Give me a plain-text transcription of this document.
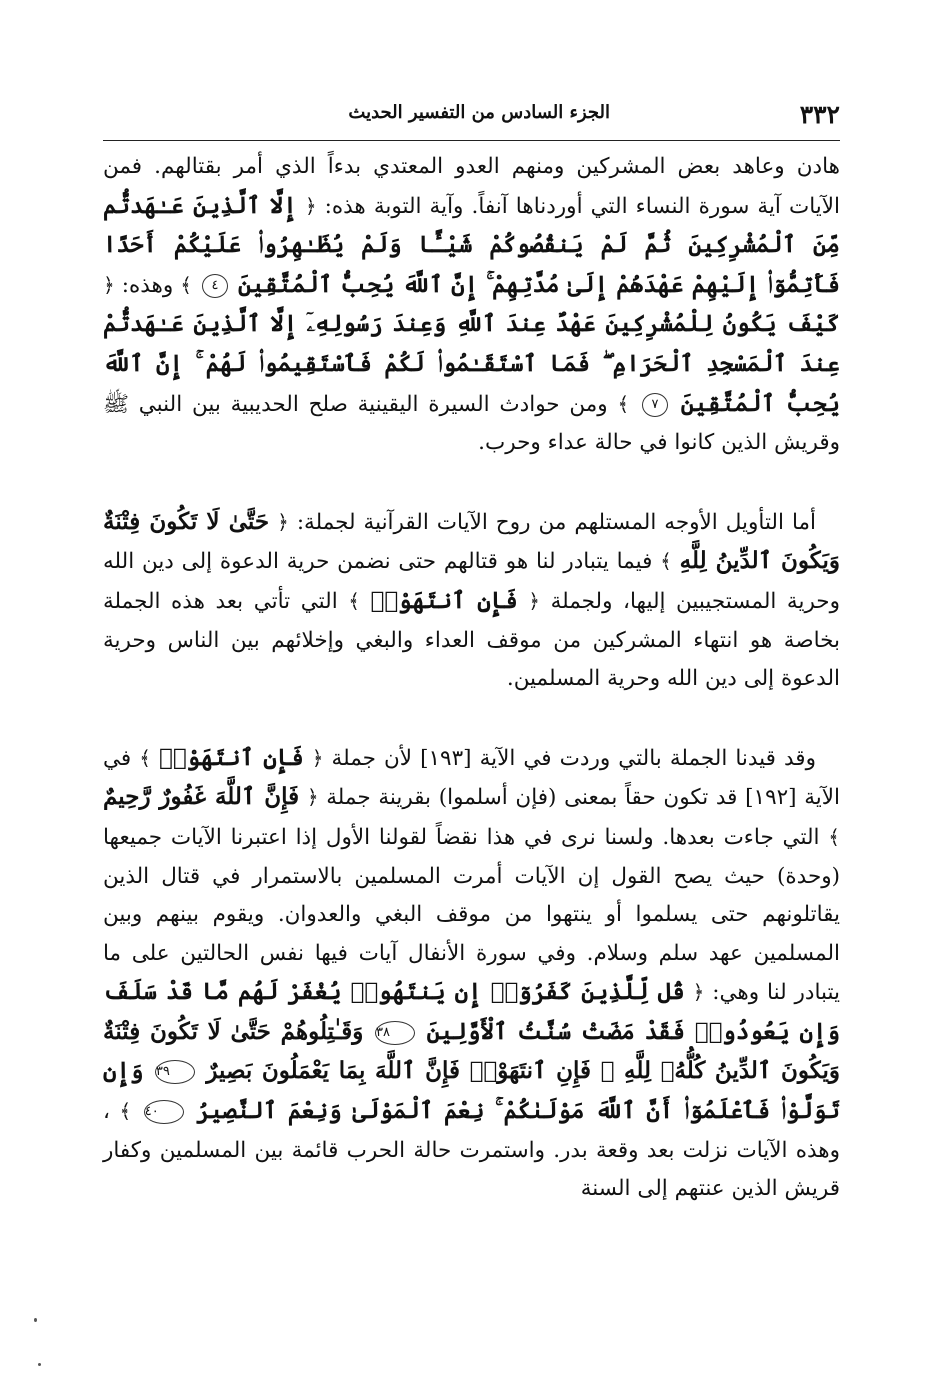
٣٣٢
الجزء السادس من التفسير الحديث

هادن وعاهد بعض المشركين ومنهم العدو المعتدي بدءاً الذي أمر بقتالهم. فمن الآيات آية سورة النساء التي أوردناها آنفاً. وآية التوبة هذه: ﴿ إِلَّا ٱلَّذِينَ عَـٰهَدتُّم مِّنَ ٱلْمُشْرِكِينَ ثُمَّ لَمْ يَنقُصُوكُمْ شَيْـًٔا وَلَمْ يُظَـٰهِرُوا۟ عَلَيْكُمْ أَحَدًا فَأَتِمُّوٓا۟ إِلَيْهِمْ عَهْدَهُمْ إِلَىٰ مُدَّتِهِمْ ۚ إِنَّ ٱللَّهَ يُحِبُّ ٱلْمُتَّقِينَ ٤ ﴾ وهذه: ﴿ كَيْفَ يَكُونُ لِلْمُشْرِكِينَ عَهْدٌ عِندَ ٱللَّهِ وَعِندَ رَسُولِهِۦٓ إِلَّا ٱلَّذِينَ عَـٰهَدتُّمْ عِندَ ٱلْمَسْجِدِ ٱلْحَرَامِ ۖ فَمَا ٱسْتَقَـٰمُوا۟ لَكُمْ فَٱسْتَقِيمُوا۟ لَهُمْ ۚ إِنَّ ٱللَّهَ يُحِبُّ ٱلْمُتَّقِينَ ٧ ﴾ ومن حوادث السيرة اليقينية صلح الحديبية بين النبي ﷺ وقريش الذين كانوا في حالة عداء وحرب.

أما التأويل الأوجه المستلهم من روح الآيات القرآنية لجملة: ﴿ حَتَّىٰ لَا تَكُونَ فِتْنَةٌ وَيَكُونَ ٱلدِّينُ لِلَّهِ ﴾ فيما يتبادر لنا هو قتالهم حتى نضمن حرية الدعوة إلى دين الله وحرية المستجيبين إليها، ولجملة ﴿ فَإِنِ ٱنتَهَوْا۟ ﴾ التي تأتي بعد هذه الجملة بخاصة هو انتهاء المشركين من موقف العداء والبغي وإخلائهم بين الناس وحرية الدعوة إلى دين الله وحرية المسلمين.

وقد قيدنا الجملة بالتي وردت في الآية [١٩٣] لأن جملة ﴿ فَإِنِ ٱنتَهَوْا۟ ﴾ في الآية [١٩٢] قد تكون حقاً بمعنى (فإن أسلموا) بقرينة جملة ﴿ فَإِنَّ ٱللَّهَ غَفُورٌ رَّحِيمٌ ﴾ التي جاءت بعدها. ولسنا نرى في هذا نقضاً لقولنا الأول إذا اعتبرنا الآيات جميعها (وحدة) حيث يصح القول إن الآيات أمرت المسلمين بالاستمرار في قتال الذين يقاتلونهم حتى يسلموا أو ينتهوا من موقف البغي والعدوان. ويقوم بينهم وبين المسلمين عهد سلم وسلام. وفي سورة الأنفال آيات فيها نفس الحالتين على ما يتبادر لنا وهي: ﴿ قُل لِّلَّذِينَ كَفَرُوٓا۟ إِن يَنتَهُوا۟ يُغْفَرْ لَهُم مَّا قَدْ سَلَفَ وَإِن يَعُودُوا۟ فَقَدْ مَضَتْ سُنَّتُ ٱلْأَوَّلِينَ ٣٨ وَقَـٰتِلُوهُمْ حَتَّىٰ لَا تَكُونَ فِتْنَةٌ وَيَكُونَ ٱلدِّينُ كُلُّهُۥ لِلَّهِ ۚ فَإِنِ ٱنتَهَوْا۟ فَإِنَّ ٱللَّهَ بِمَا يَعْمَلُونَ بَصِيرٌ ٣٩ وَإِن تَوَلَّوْا۟ فَٱعْلَمُوٓا۟ أَنَّ ٱللَّهَ مَوْلَىٰكُمْ ۚ نِعْمَ ٱلْمَوْلَىٰ وَنِعْمَ ٱلنَّصِيرُ ٤٠ ﴾ ، وهذه الآيات نزلت بعد وقعة بدر. واستمرت حالة الحرب قائمة بين المسلمين وكفار قريش الذين عنتهم إلى السنة
